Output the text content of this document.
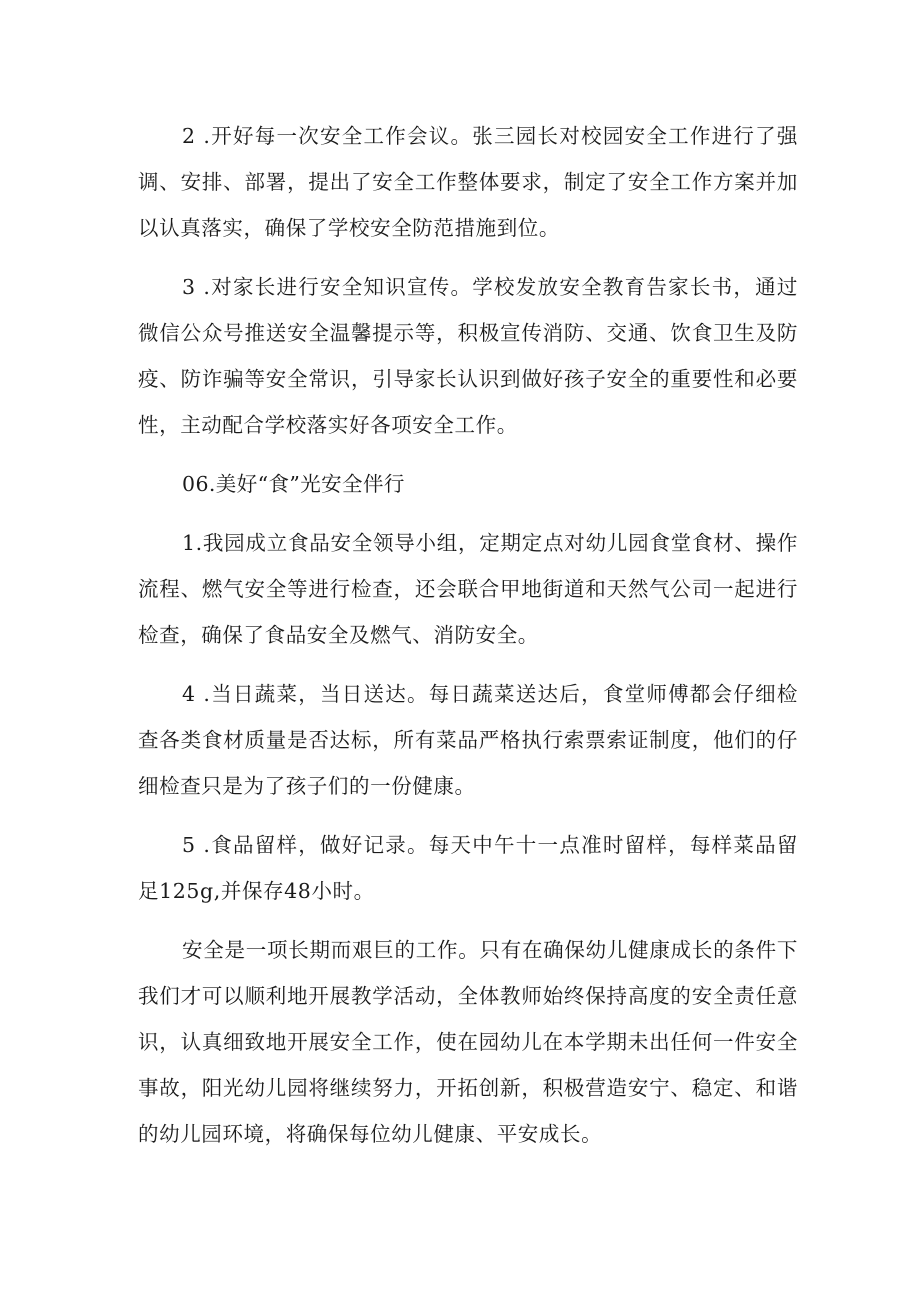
2 .开好每一次安全工作会议。张三园长对校园安全工作进行了强调、安排、部署，提出了安全工作整体要求，制定了安全工作方案并加以认真落实，确保了学校安全防范措施到位。

3 .对家长进行安全知识宣传。学校发放安全教育告家长书，通过微信公众号推送安全温馨提示等，积极宣传消防、交通、饮食卫生及防疫、防诈骗等安全常识，引导家长认识到做好孩子安全的重要性和必要性，主动配合学校落实好各项安全工作。

06.美好“食”光安全伴行

1.我园成立食品安全领导小组，定期定点对幼儿园食堂食材、操作流程、燃气安全等进行检查，还会联合甲地街道和天然气公司一起进行检查，确保了食品安全及燃气、消防安全。

4 .当日蔬菜，当日送达。每日蔬菜送达后，食堂师傅都会仔细检查各类食材质量是否达标，所有菜品严格执行索票索证制度，他们的仔细检查只是为了孩子们的一份健康。

5 .食品留样，做好记录。每天中午十一点准时留样，每样菜品留足125g,并保存48小时。

安全是一项长期而艰巨的工作。只有在确保幼儿健康成长的条件下我们才可以顺利地开展教学活动，全体教师始终保持高度的安全责任意识，认真细致地开展安全工作，使在园幼儿在本学期未出任何一件安全事故，阳光幼儿园将继续努力，开拓创新，积极营造安宁、稳定、和谐的幼儿园环境，将确保每位幼儿健康、平安成长。
